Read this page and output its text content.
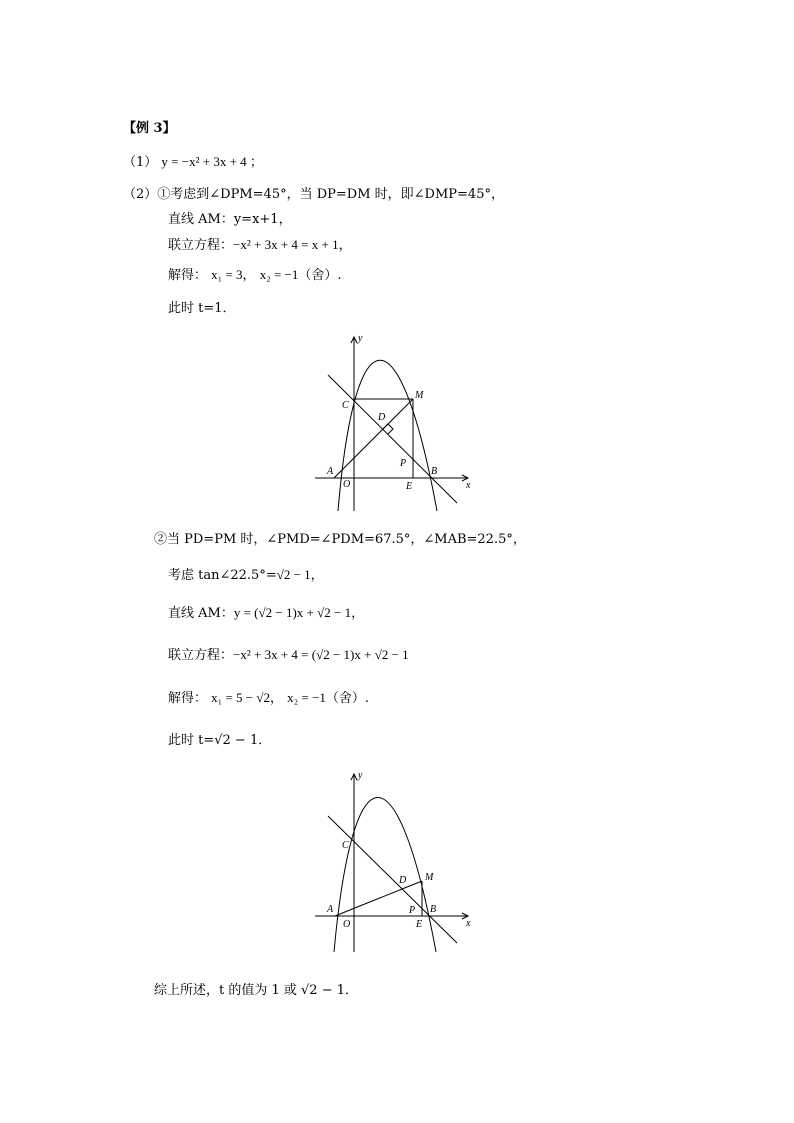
【例 3】
（1） y = −x² + 3x + 4 ；
（2）①考虑到∠DPM=45°，当 DP=DM 时，即∠DMP=45°，
直线 AM：y=x+1，
联立方程：−x² + 3x + 4 = x + 1，
解得： x₁ = 3， x₂ = −1（舍）.
此时 t=1．
y
x
C
D
M
P
A
O	E
B
②当 PD=PM 时，∠PMD=∠PDM=67.5°，∠MAB=22.5°，
考虑 tan∠22.5°=√2 − 1，
直线 AM：y = (√2 − 1)x + √2 − 1，
联立方程：−x² + 3x + 4 = (√2 − 1)x + √2 − 1
解得： x₁ = 5 − √2， x₂ = −1（舍）.
此时 t=√2 − 1．
y
x
C
D M
P
A
O	E
B
综上所述，t 的值为 1 或 √2 − 1．
